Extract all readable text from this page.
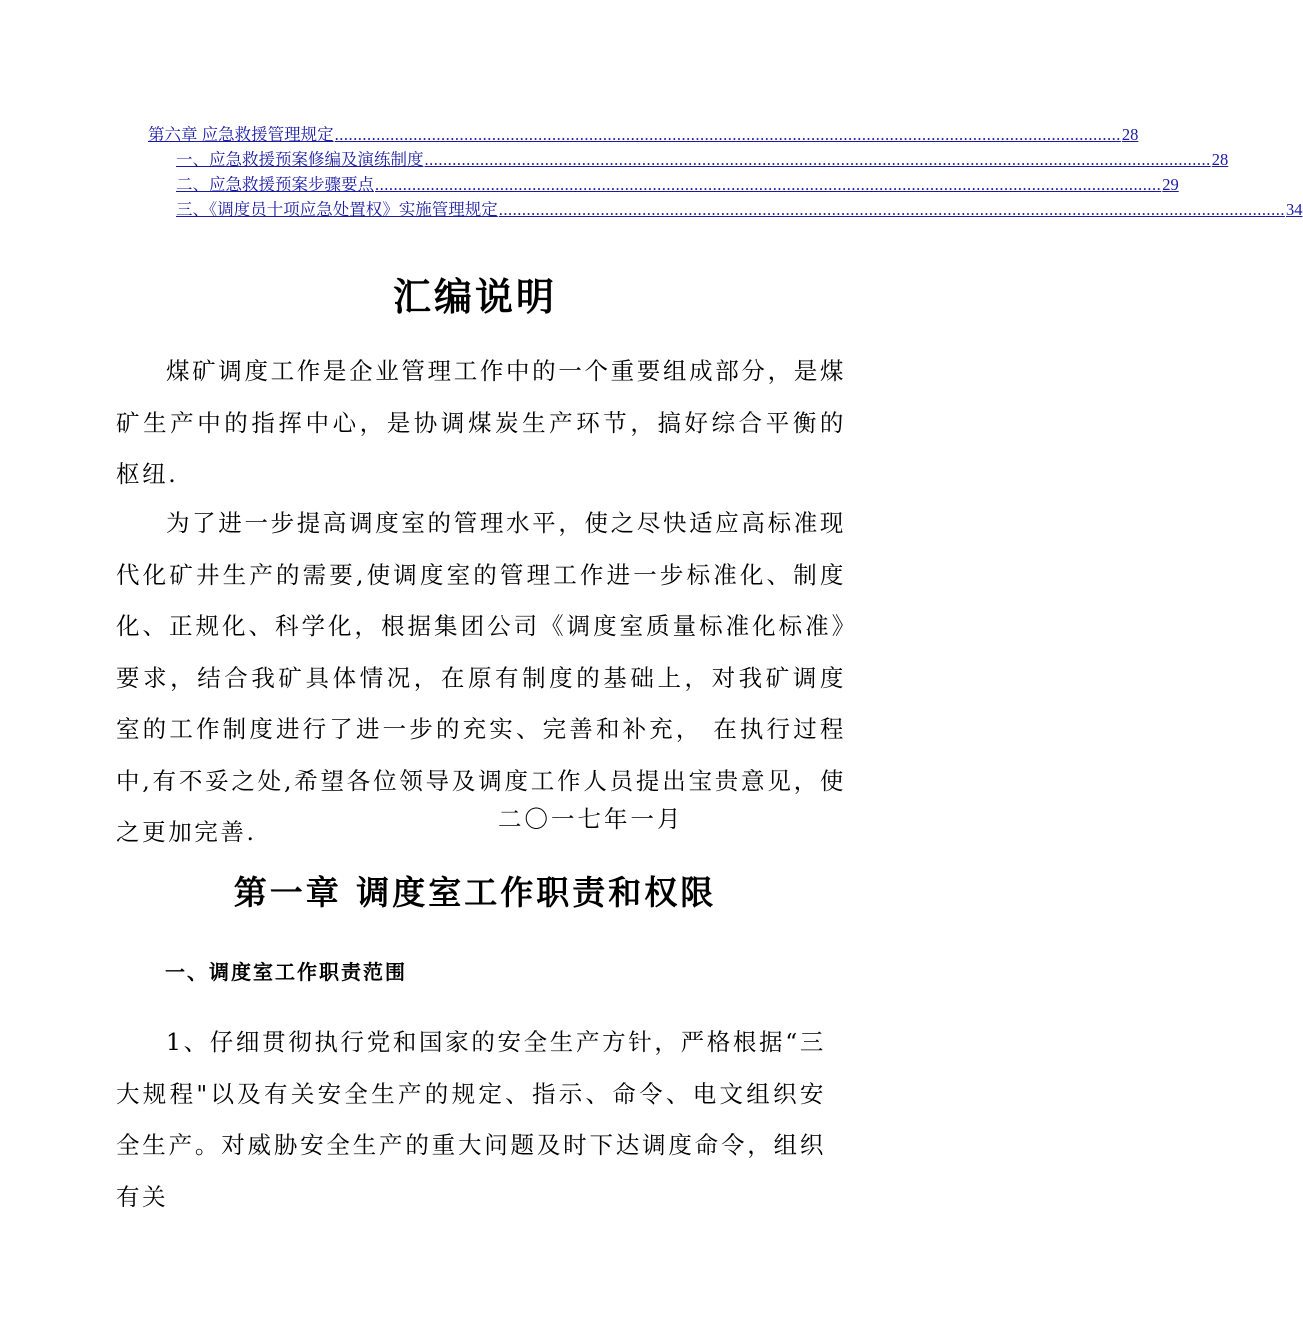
第六章 应急救援管理规定 .......................................................................................................................................................................... 28
一、应急救援预案修编及演练制度 .......................................................................................................................................................................... 28
二、应急救援预案步骤要点 .......................................................................................................................................................................... 29
三、《调度员十项应急处置权》实施管理规定 .......................................................................................................................................................................... 34
汇编说明

煤矿调度工作是企业管理工作中的一个重要组成部分，是煤矿生产中的指挥中心，是协调煤炭生产环节，搞好综合平衡的枢纽.

为了进一步提高调度室的管理水平，使之尽快适应高标准现代化矿井生产的需要,使调度室的管理工作进一步标准化、制度化、正规化、科学化，根据集团公司《调度室质量标准化标准》要求，结合我矿具体情况，在原有制度的基础上，对我矿调度室的工作制度进行了进一步的充实、完善和补充， 在执行过程中,有不妥之处,希望各位领导及调度工作人员提出宝贵意见，使之更加完善.	二〇一七年一月
第一章 调度室工作职责和权限
一、调度室工作职责范围

1、仔细贯彻执行党和国家的安全生产方针，严格根据“三大规程"以及有关安全生产的规定、指示、命令、电文组织安全生产。对威胁安全生产的重大问题及时下达调度命令，组织有关
